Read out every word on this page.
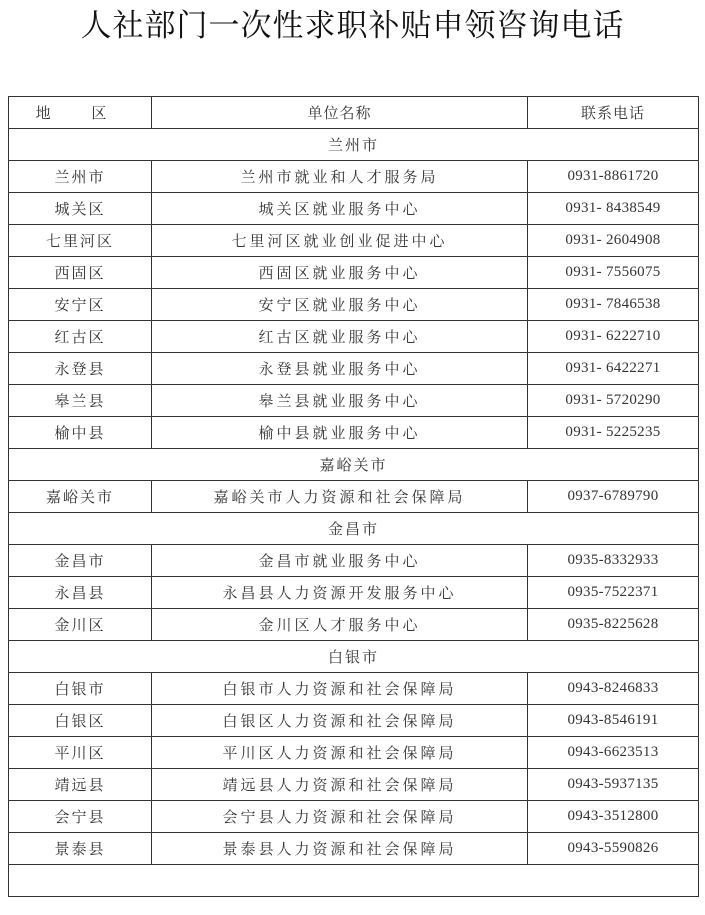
人社部门一次性求职补贴申领咨询电话
地 区	单位名称	联系电话
兰州市		
兰州市	兰州市就业和人才服务局	0931-8861720
城关区	城关区就业服务中心	0931- 8438549
七里河区	七里河区就业创业促进中心	0931- 2604908
西固区	西固区就业服务中心	0931- 7556075
安宁区	安宁区就业服务中心	0931- 7846538
红古区	红古区就业服务中心	0931- 6222710
永登县	永登县就业服务中心	0931- 6422271
皋兰县	皋兰县就业服务中心	0931- 5720290
榆中县	榆中县就业服务中心	0931- 5225235
嘉峪关市		
嘉峪关市	嘉峪关市人力资源和社会保障局	0937-6789790
金昌市		
金昌市	金昌市就业服务中心	0935-8332933
永昌县	永昌县人力资源开发服务中心	0935-7522371
金川区	金川区人才服务中心	0935-8225628
白银市		
白银市	白银市人力资源和社会保障局	0943-8246833
白银区	白银区人力资源和社会保障局	0943-8546191
平川区	平川区人力资源和社会保障局	0943-6623513
靖远县	靖远县人力资源和社会保障局	0943-5937135
会宁县	会宁县人力资源和社会保障局	0943-3512800
景泰县	景泰县人力资源和社会保障局	0943-5590826
